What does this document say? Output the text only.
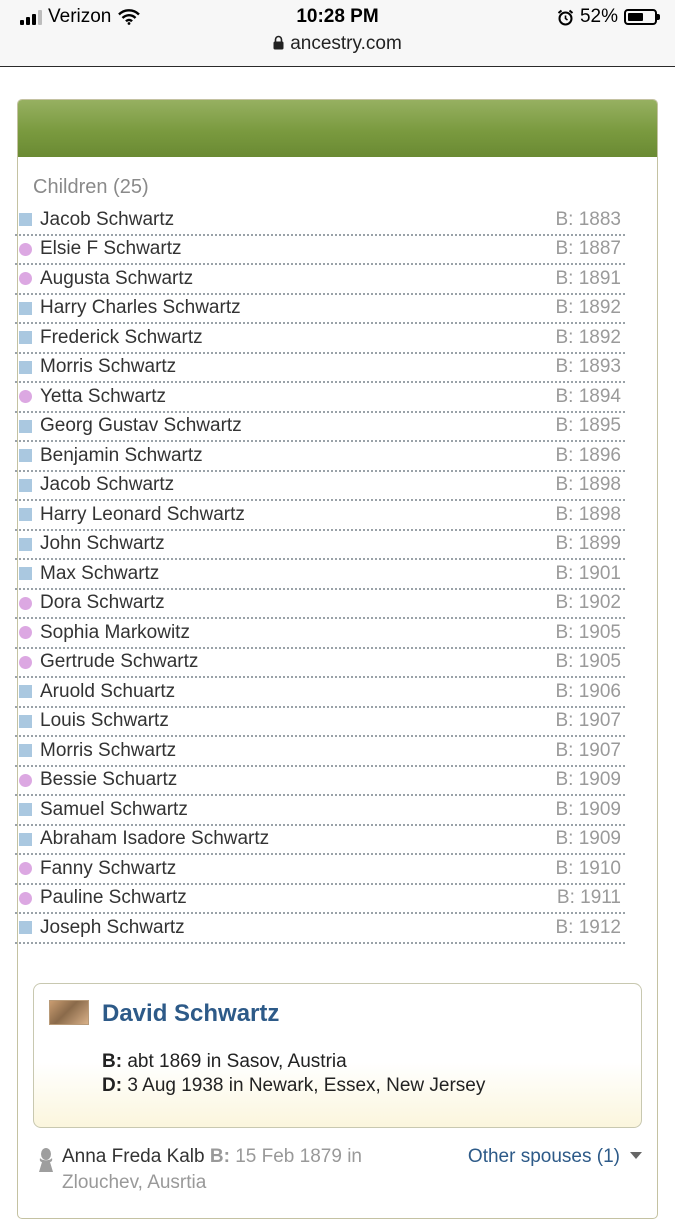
Verizon	10:28 PM
ancestry.com
52%
Children (25)
Jacob Schwartz	B: 1883
Elsie F Schwartz	B: 1887
Augusta Schwartz	B: 1891
Harry Charles Schwartz	B: 1892
Frederick Schwartz	B: 1892
Morris Schwartz	B: 1893
Yetta Schwartz	B: 1894
Georg Gustav Schwartz	B: 1895
Benjamin Schwartz	B: 1896
Jacob Schwartz	B: 1898
Harry Leonard Schwartz	B: 1898
John Schwartz	B: 1899
Max Schwartz	B: 1901
Dora Schwartz	B: 1902
Sophia Markowitz	B: 1905
Gertrude Schwartz	B: 1905
Aruold Schuartz	B: 1906
Louis Schwartz	B: 1907
Morris Schwartz	B: 1907
Bessie Schuartz	B: 1909
Samuel Schwartz	B: 1909
Abraham Isadore Schwartz	B: 1909
Fanny Schwartz	B: 1910
Pauline Schwartz	B: 1911
Joseph Schwartz	B: 1912
David Schwartz
B: abt 1869 in Sasov, Austria
D: 3 Aug 1938 in Newark, Essex, New Jersey
Anna Freda Kalb B: 15 Feb 1879 in
Zlouchev, Ausrtia
Other spouses (1)
